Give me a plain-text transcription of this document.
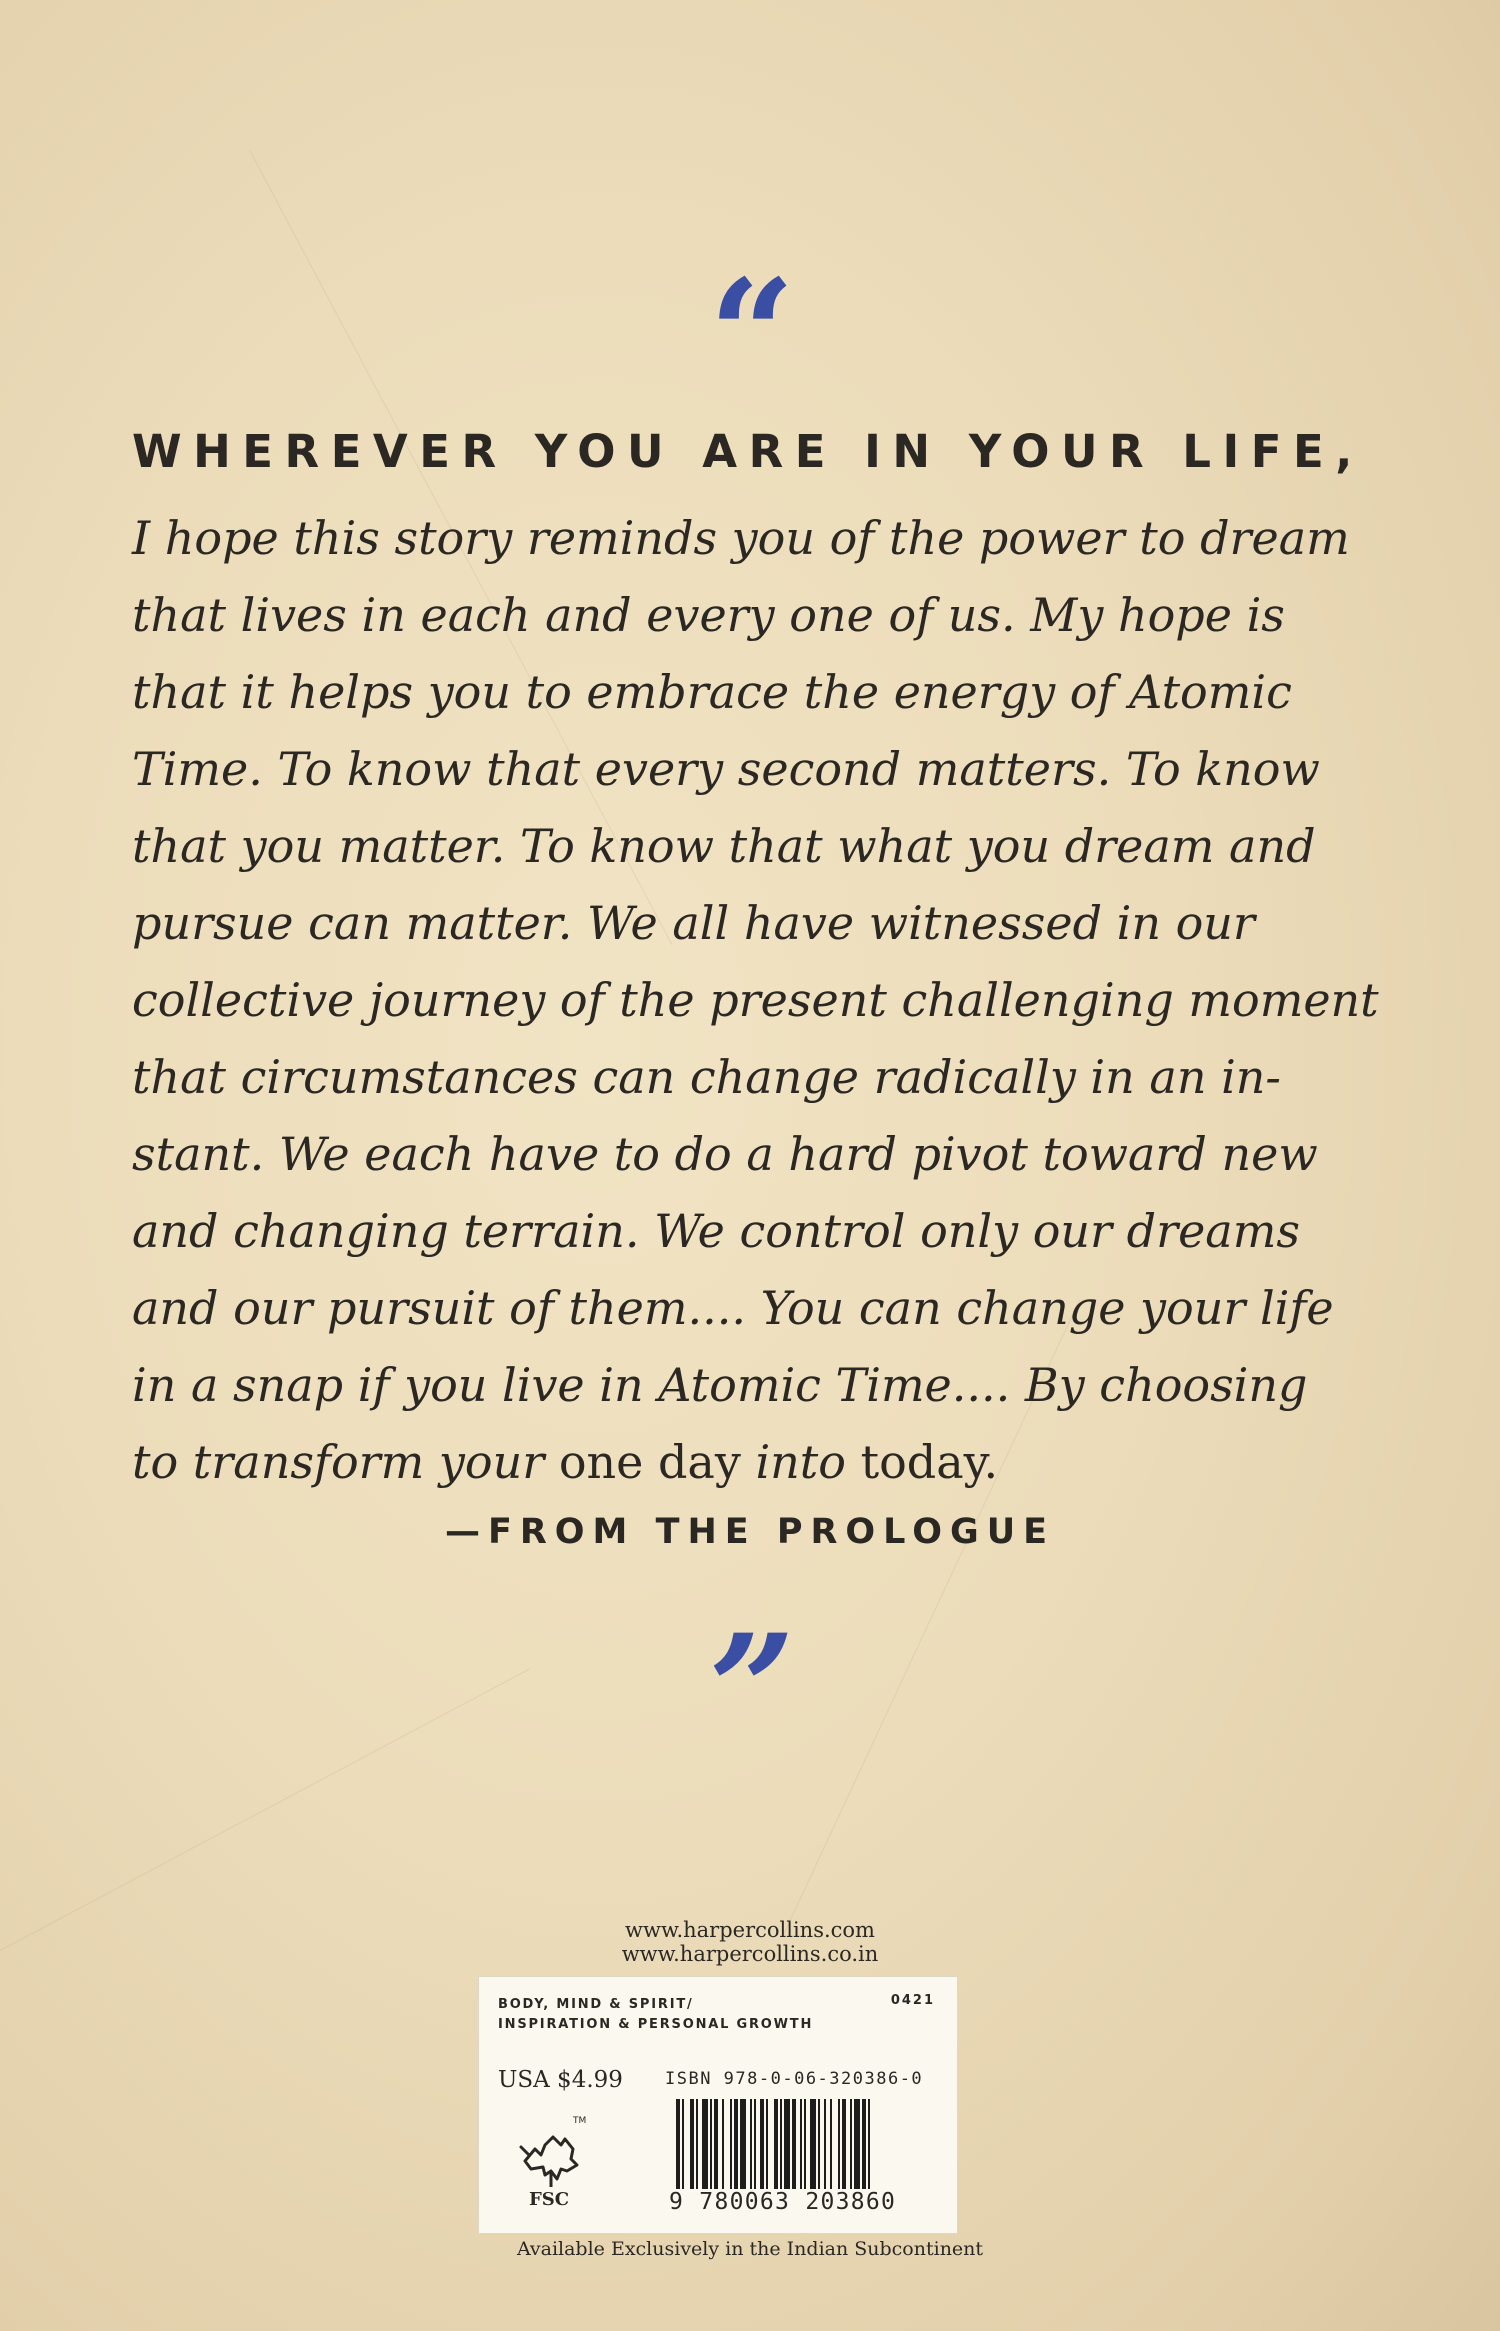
“

WHEREVER YOU ARE IN YOUR LIFE,

I hope this story reminds you of the power to dream
that lives in each and every one of us. My hope is
that it helps you to embrace the energy of Atomic
Time. To know that every second matters. To know
that you matter. To know that what you dream and
pursue can matter. We all have witnessed in our
collective journey of the present challenging moment
that circumstances can change radically in an in-
stant. We each have to do a hard pivot toward new
and changing terrain. We control only our dreams
and our pursuit of them.... You can change your life
in a snap if you live in Atomic Time.... By choosing
to transform your one day into today.

—FROM THE PROLOGUE

”
www.harpercollins.com
www.harpercollins.co.in
BODY, MIND & SPIRIT/
INSPIRATION & PERSONAL GROWTH
0421
USA $4.99 ISBN 978-0-06-320386-0
TM
FSC	9 780063 203860
Available Exclusively in the Indian Subcontinent
